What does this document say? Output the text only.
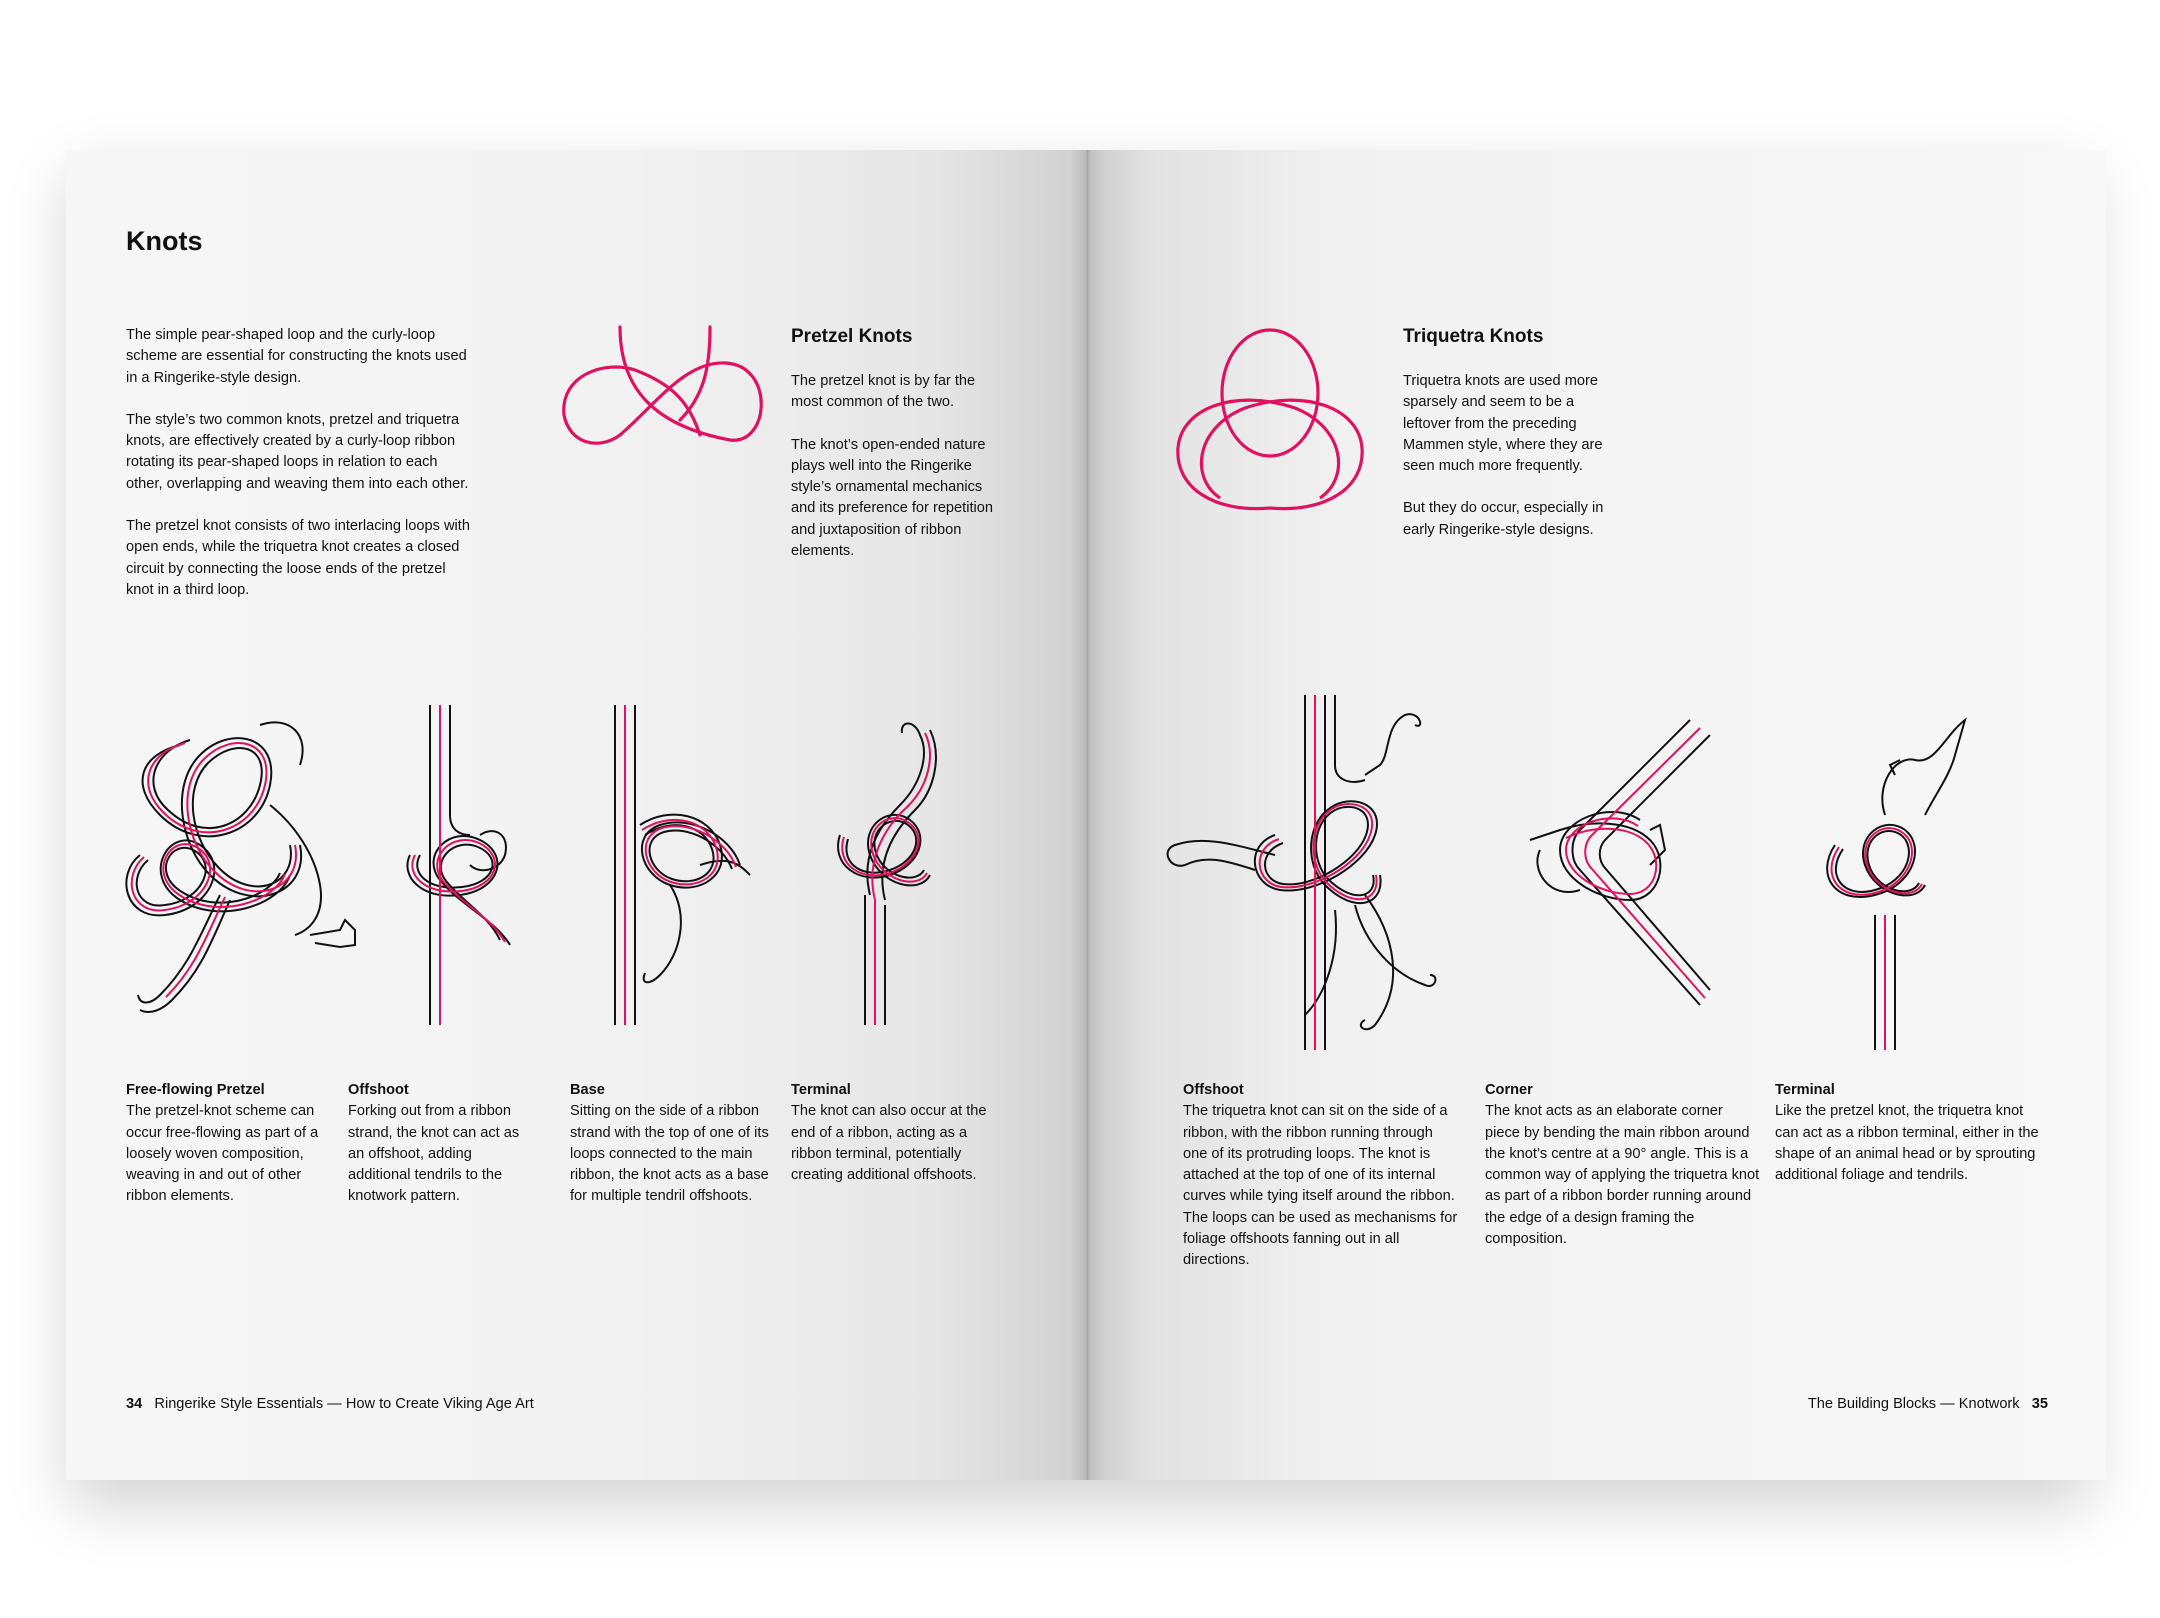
Knots

The simple pear-shaped loop and the curly-loop scheme are essential for constructing the knots used in a Ringerike-style design.

The style’s two common knots, pretzel and triquetra knots, are effectively created by a curly-loop ribbon rotating its pear-shaped loops in relation to each other, overlapping and weaving them into each other.

The pretzel knot consists of two interlacing loops with open ends, while the triquetra knot creates a closed circuit by connecting the loose ends of the pretzel knot in a third loop.

Pretzel Knots

The pretzel knot is by far the most common of the two.

The knot’s open-ended nature plays well into the Ringerike style’s ornamental mechanics and its preference for repetition and juxtaposition of ribbon elements.

Free-flowing Pretzel
The pretzel-knot scheme can occur free-flowing as part of a loosely woven composition, weaving in and out of other ribbon elements.
Offshoot
Forking out from a ribbon strand, the knot can act as an offshoot, adding additional tendrils to the knotwork pattern.
Base
Sitting on the side of a ribbon strand with the top of one of its loops connected to the main ribbon, the knot acts as a base for multiple tendril offshoots.
Terminal
The knot can also occur at the end of a ribbon, acting as a ribbon terminal, potentially creating additional offshoots.
34 Ringerike Style Essentials — How to Create Viking Age Art
Triquetra Knots

Triquetra knots are used more sparsely and seem to be a leftover from the preceding Mammen style, where they are seen much more frequently.

But they do occur, especially in early Ringerike-style designs.

Offshoot
The triquetra knot can sit on the side of a ribbon, with the ribbon running through one of its protruding loops. The knot is attached at the top of one of its internal curves while tying itself around the ribbon. The loops can be used as mechanisms for foliage offshoots fanning out in all directions.
Corner
The knot acts as an elaborate corner piece by bending the main ribbon around the knot’s centre at a 90° angle. This is a common way of applying the triquetra knot as part of a ribbon border running around the edge of a design framing the composition.
Terminal
Like the pretzel knot, the triquetra knot can act as a ribbon terminal, either in the shape of an animal head or by sprouting additional foliage and tendrils.
The Building Blocks — Knotwork 35
